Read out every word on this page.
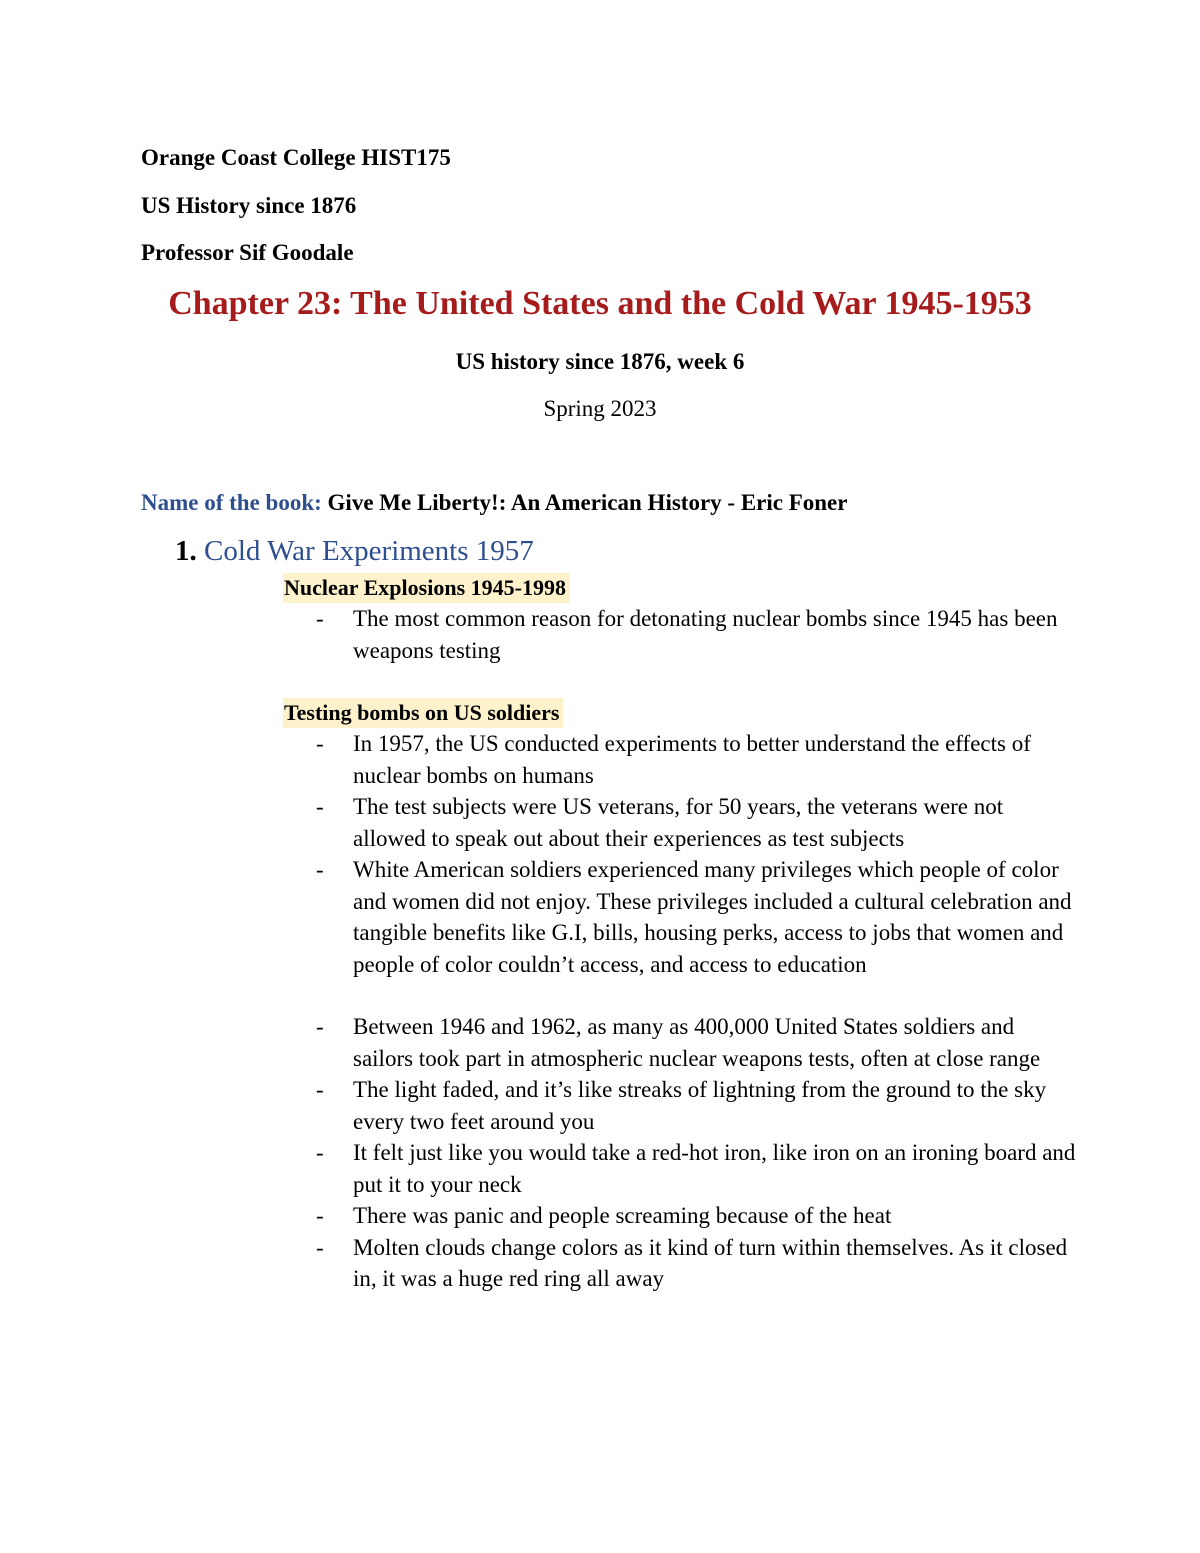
Orange Coast College HIST175
US History since 1876
Professor Sif Goodale
Chapter 23: The United States and the Cold War 1945-1953
US history since 1876, week 6
Spring 2023
Name of the book: Give Me Liberty!: An American History - Eric Foner
1. Cold War Experiments 1957
Nuclear Explosions 1945-1998
- The most common reason for detonating nuclear bombs since 1945 has been weapons testing
Testing bombs on US soldiers
- In 1957, the US conducted experiments to better understand the effects of nuclear bombs on humans
- The test subjects were US veterans, for 50 years, the veterans were not allowed to speak out about their experiences as test subjects
- White American soldiers experienced many privileges which people of color and women did not enjoy. These privileges included a cultural celebration and tangible benefits like G.I, bills, housing perks, access to jobs that women and people of color couldn’t access, and access to education
- Between 1946 and 1962, as many as 400,000 United States soldiers and sailors took part in atmospheric nuclear weapons tests, often at close range
- The light faded, and it’s like streaks of lightning from the ground to the sky every two feet around you
- It felt just like you would take a red-hot iron, like iron on an ironing board and put it to your neck
- There was panic and people screaming because of the heat
- Molten clouds change colors as it kind of turn within themselves. As it closed in, it was a huge red ring all away
